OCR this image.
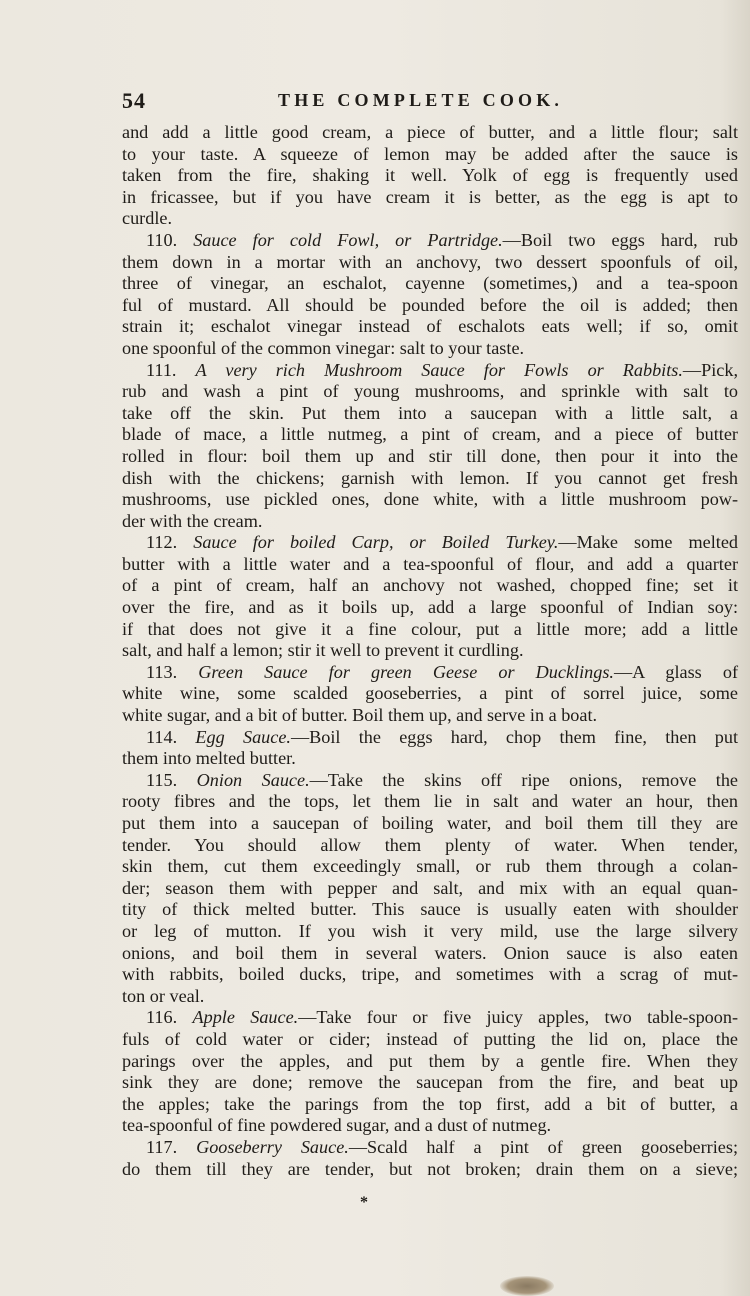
54	THE COMPLETE COOK.

and add a little good cream, a piece of butter, and a little flour; salt

to your taste. A squeeze of lemon may be added after the sauce is

taken from the fire, shaking it well. Yolk of egg is frequently used

in fricassee, but if you have cream it is better, as the egg is apt to

curdle.

110. Sauce for cold Fowl, or Partridge.—Boil two eggs hard, rub

them down in a mortar with an anchovy, two dessert spoonfuls of oil,

three of vinegar, an eschalot, cayenne (sometimes,) and a tea-spoon

ful of mustard. All should be pounded before the oil is added; then

strain it; eschalot vinegar instead of eschalots eats well; if so, omit

one spoonful of the common vinegar: salt to your taste.

111. A very rich Mushroom Sauce for Fowls or Rabbits.—Pick,

rub and wash a pint of young mushrooms, and sprinkle with salt to

take off the skin. Put them into a saucepan with a little salt, a

blade of mace, a little nutmeg, a pint of cream, and a piece of butter

rolled in flour: boil them up and stir till done, then pour it into the

dish with the chickens; garnish with lemon. If you cannot get fresh

mushrooms, use pickled ones, done white, with a little mushroom pow-

der with the cream.

112. Sauce for boiled Carp, or Boiled Turkey.—Make some melted

butter with a little water and a tea-spoonful of flour, and add a quarter

of a pint of cream, half an anchovy not washed, chopped fine; set it

over the fire, and as it boils up, add a large spoonful of Indian soy:

if that does not give it a fine colour, put a little more; add a little

salt, and half a lemon; stir it well to prevent it curdling.

113. Green Sauce for green Geese or Ducklings.—A glass of

white wine, some scalded gooseberries, a pint of sorrel juice, some

white sugar, and a bit of butter. Boil them up, and serve in a boat.

114. Egg Sauce.—Boil the eggs hard, chop them fine, then put

them into melted butter.

115. Onion Sauce.—Take the skins off ripe onions, remove the

rooty fibres and the tops, let them lie in salt and water an hour, then

put them into a saucepan of boiling water, and boil them till they are

tender. You should allow them plenty of water. When tender,

skin them, cut them exceedingly small, or rub them through a colan-

der; season them with pepper and salt, and mix with an equal quan-

tity of thick melted butter. This sauce is usually eaten with shoulder

or leg of mutton. If you wish it very mild, use the large silvery

onions, and boil them in several waters. Onion sauce is also eaten

with rabbits, boiled ducks, tripe, and sometimes with a scrag of mut-

ton or veal.

116. Apple Sauce.—Take four or five juicy apples, two table-spoon-

fuls of cold water or cider; instead of putting the lid on, place the

parings over the apples, and put them by a gentle fire. When they

sink they are done; remove the saucepan from the fire, and beat up

the apples; take the parings from the top first, add a bit of butter, a

tea-spoonful of fine powdered sugar, and a dust of nutmeg.

117. Gooseberry Sauce.—Scald half a pint of green gooseberries;

do them till they are tender, but not broken; drain them on a sieve;

*
